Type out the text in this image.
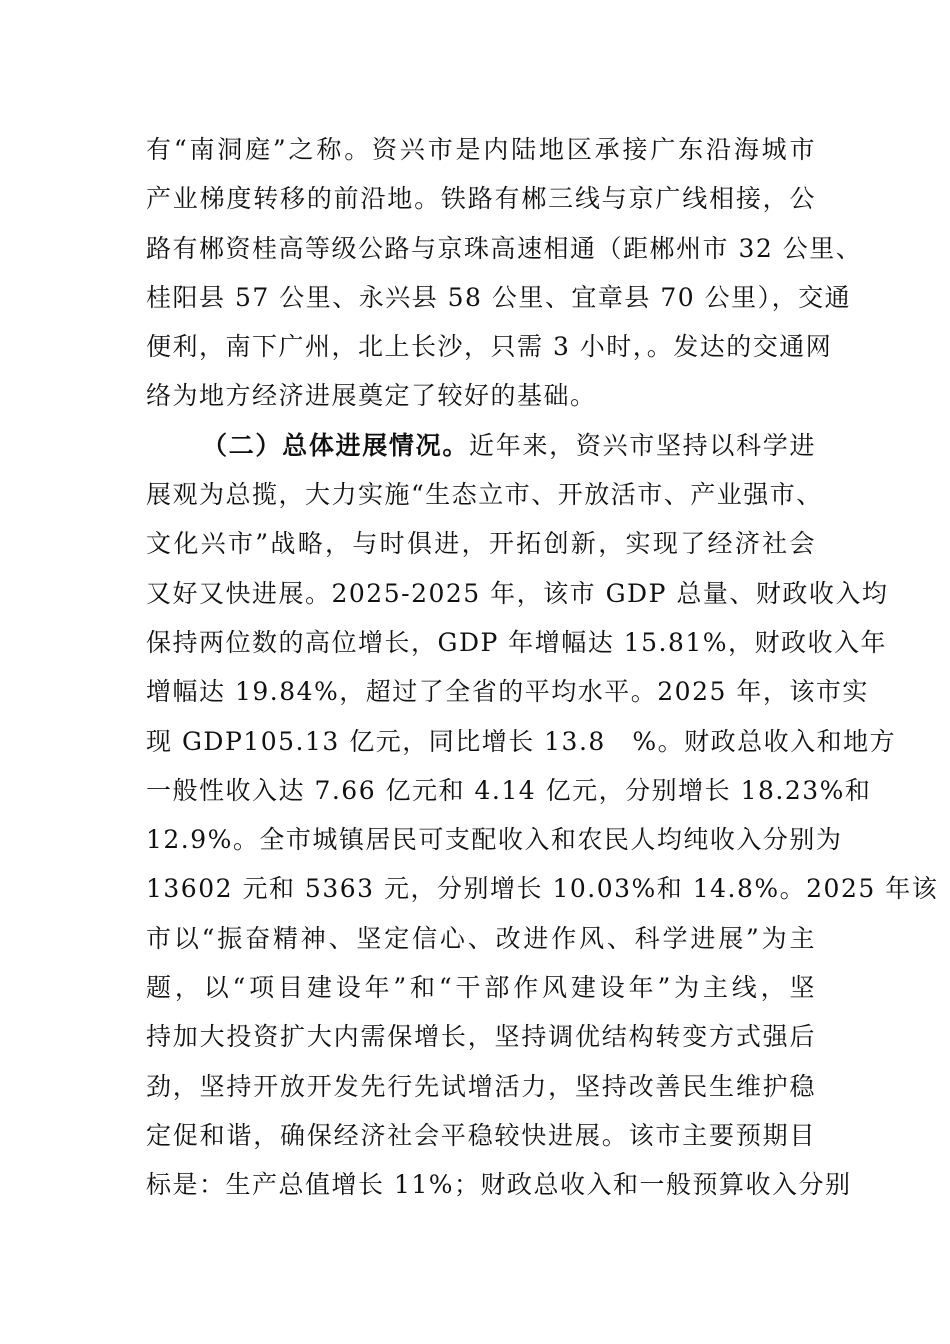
有“南洞庭”之称。资兴市是内陆地区承接广东沿海城市
产业梯度转移的前沿地。铁路有郴三线与京广线相接，公
路有郴资桂高等级公路与京珠高速相通（距郴州市 32 公里、
桂阳县 57 公里、永兴县 58 公里、宜章县 70 公里），交通
便利，南下广州，北上长沙，只需 3 小时，。发达的交通网
络为地方经济进展奠定了较好的基础。
（二）总体进展情况。近年来，资兴市坚持以科学进
展观为总揽，大力实施“生态立市、开放活市、产业强市、
文化兴市”战略，与时俱进，开拓创新，实现了经济社会
又好又快进展。2025-2025 年，该市 GDP 总量、财政收入均
保持两位数的高位增长，GDP 年增幅达 15.81%，财政收入年
增幅达 19.84%，超过了全省的平均水平。2025 年，该市实
现 GDP105.13 亿元，同比增长 13.8　%。财政总收入和地方
一般性收入达 7.66 亿元和 4.14 亿元，分别增长 18.23%和
12.9%。全市城镇居民可支配收入和农民人均纯收入分别为
13602 元和 5363 元，分别增长 10.03%和 14.8%。2025 年该
市以“振奋精神、坚定信心、改进作风、科学进展”为主
题，以“项目建设年”和“干部作风建设年”为主线，坚
持加大投资扩大内需保增长，坚持调优结构转变方式强后
劲，坚持开放开发先行先试增活力，坚持改善民生维护稳
定促和谐，确保经济社会平稳较快进展。该市主要预期目
标是：生产总值增长 11%；财政总收入和一般预算收入分别
